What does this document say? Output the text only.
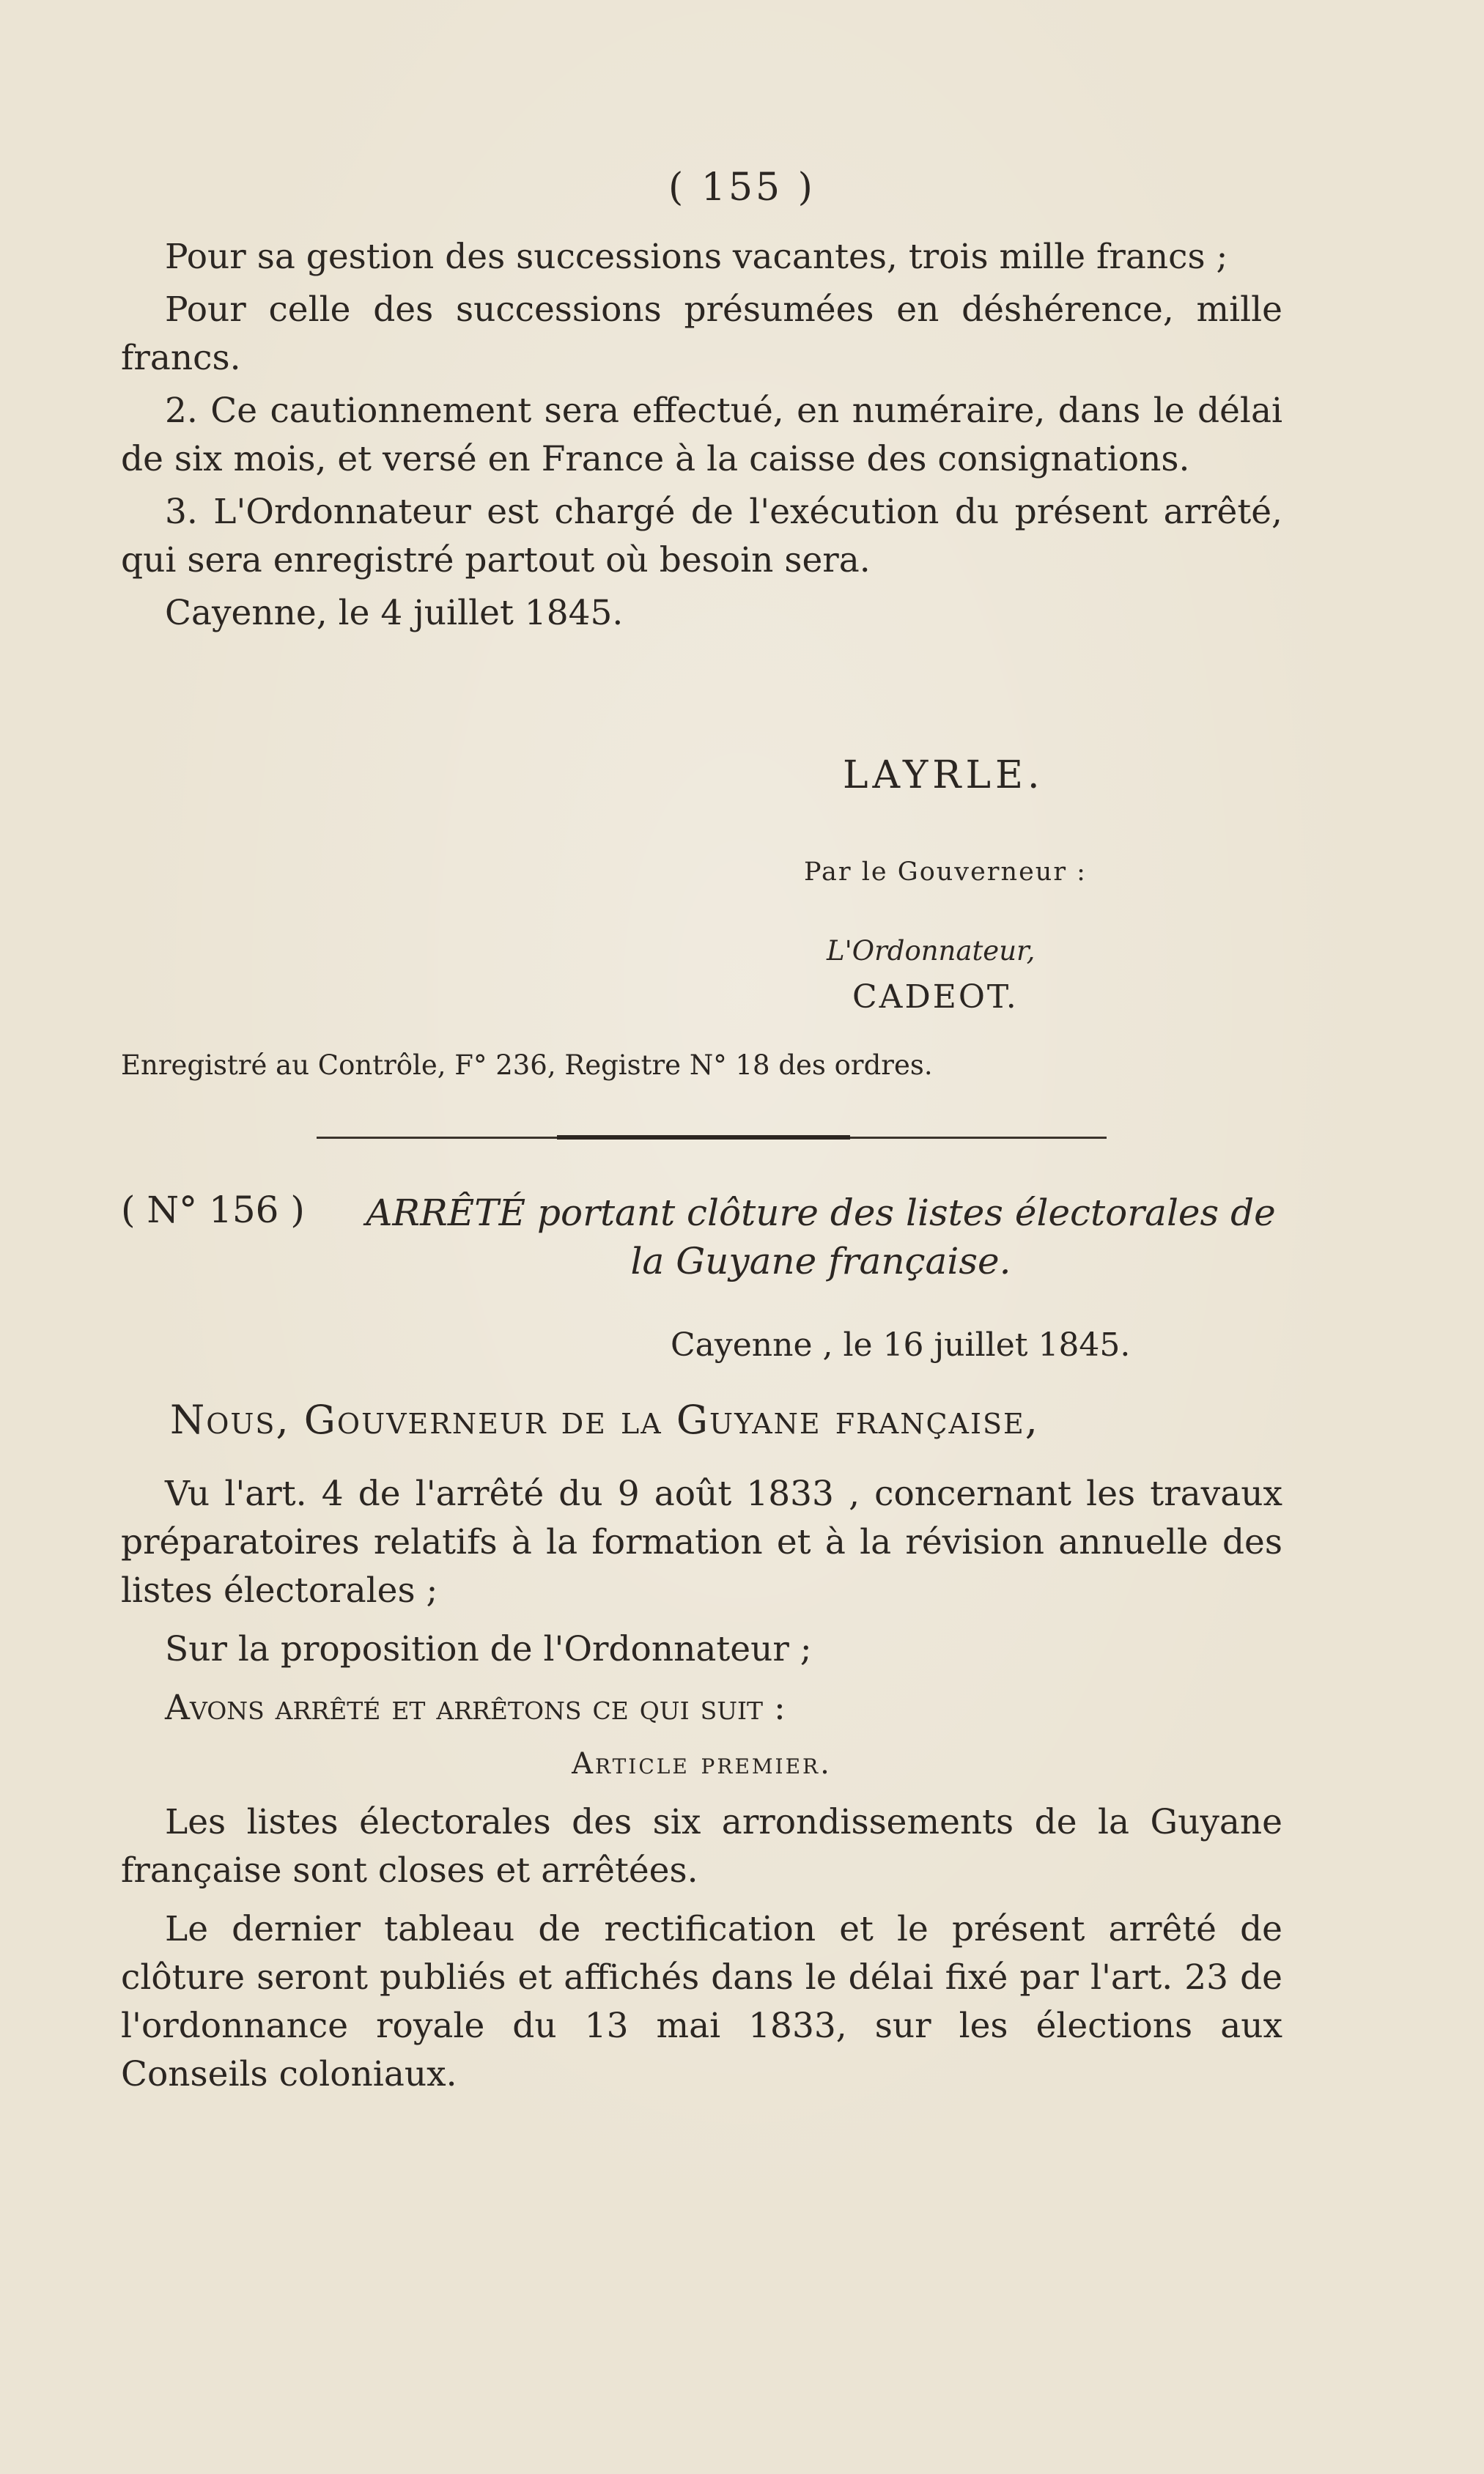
( 155 )

Pour sa gestion des successions vacantes, trois mille francs ;

Pour celle des successions présumées en déshérence, mille francs.

2. Ce cautionnement sera effectué, en numéraire, dans le délai de six mois, et versé en France à la caisse des consignations.

3. L'Ordonnateur est chargé de l'exécution du présent arrêté, qui sera enregistré partout où besoin sera.

Cayenne, le 4 juillet 1845.

LAYRLE.
Par le Gouverneur :
L'Ordonnateur,
CADEOT.
Enregistré au Contrôle, F° 236, Registre N° 18 des ordres.
( N° 156 ) ARRÊTÉ portant clôture des listes électorales de la Guyane française.
Cayenne , le 16 juillet 1845.
Nous, Gouverneur de la Guyane française,

Vu l'art. 4 de l'arrêté du 9 août 1833 , concernant les travaux préparatoires relatifs à la formation et à la révision annuelle des listes électorales ;

Sur la proposition de l'Ordonnateur ;

Avons arrêté et arrêtons ce qui suit :

Article premier.

Les listes électorales des six arrondissements de la Guyane française sont closes et arrêtées.

Le dernier tableau de rectification et le présent arrêté de clôture seront publiés et affichés dans le délai fixé par l'art. 23 de l'ordonnance royale du 13 mai 1833, sur les élections aux Conseils coloniaux.
